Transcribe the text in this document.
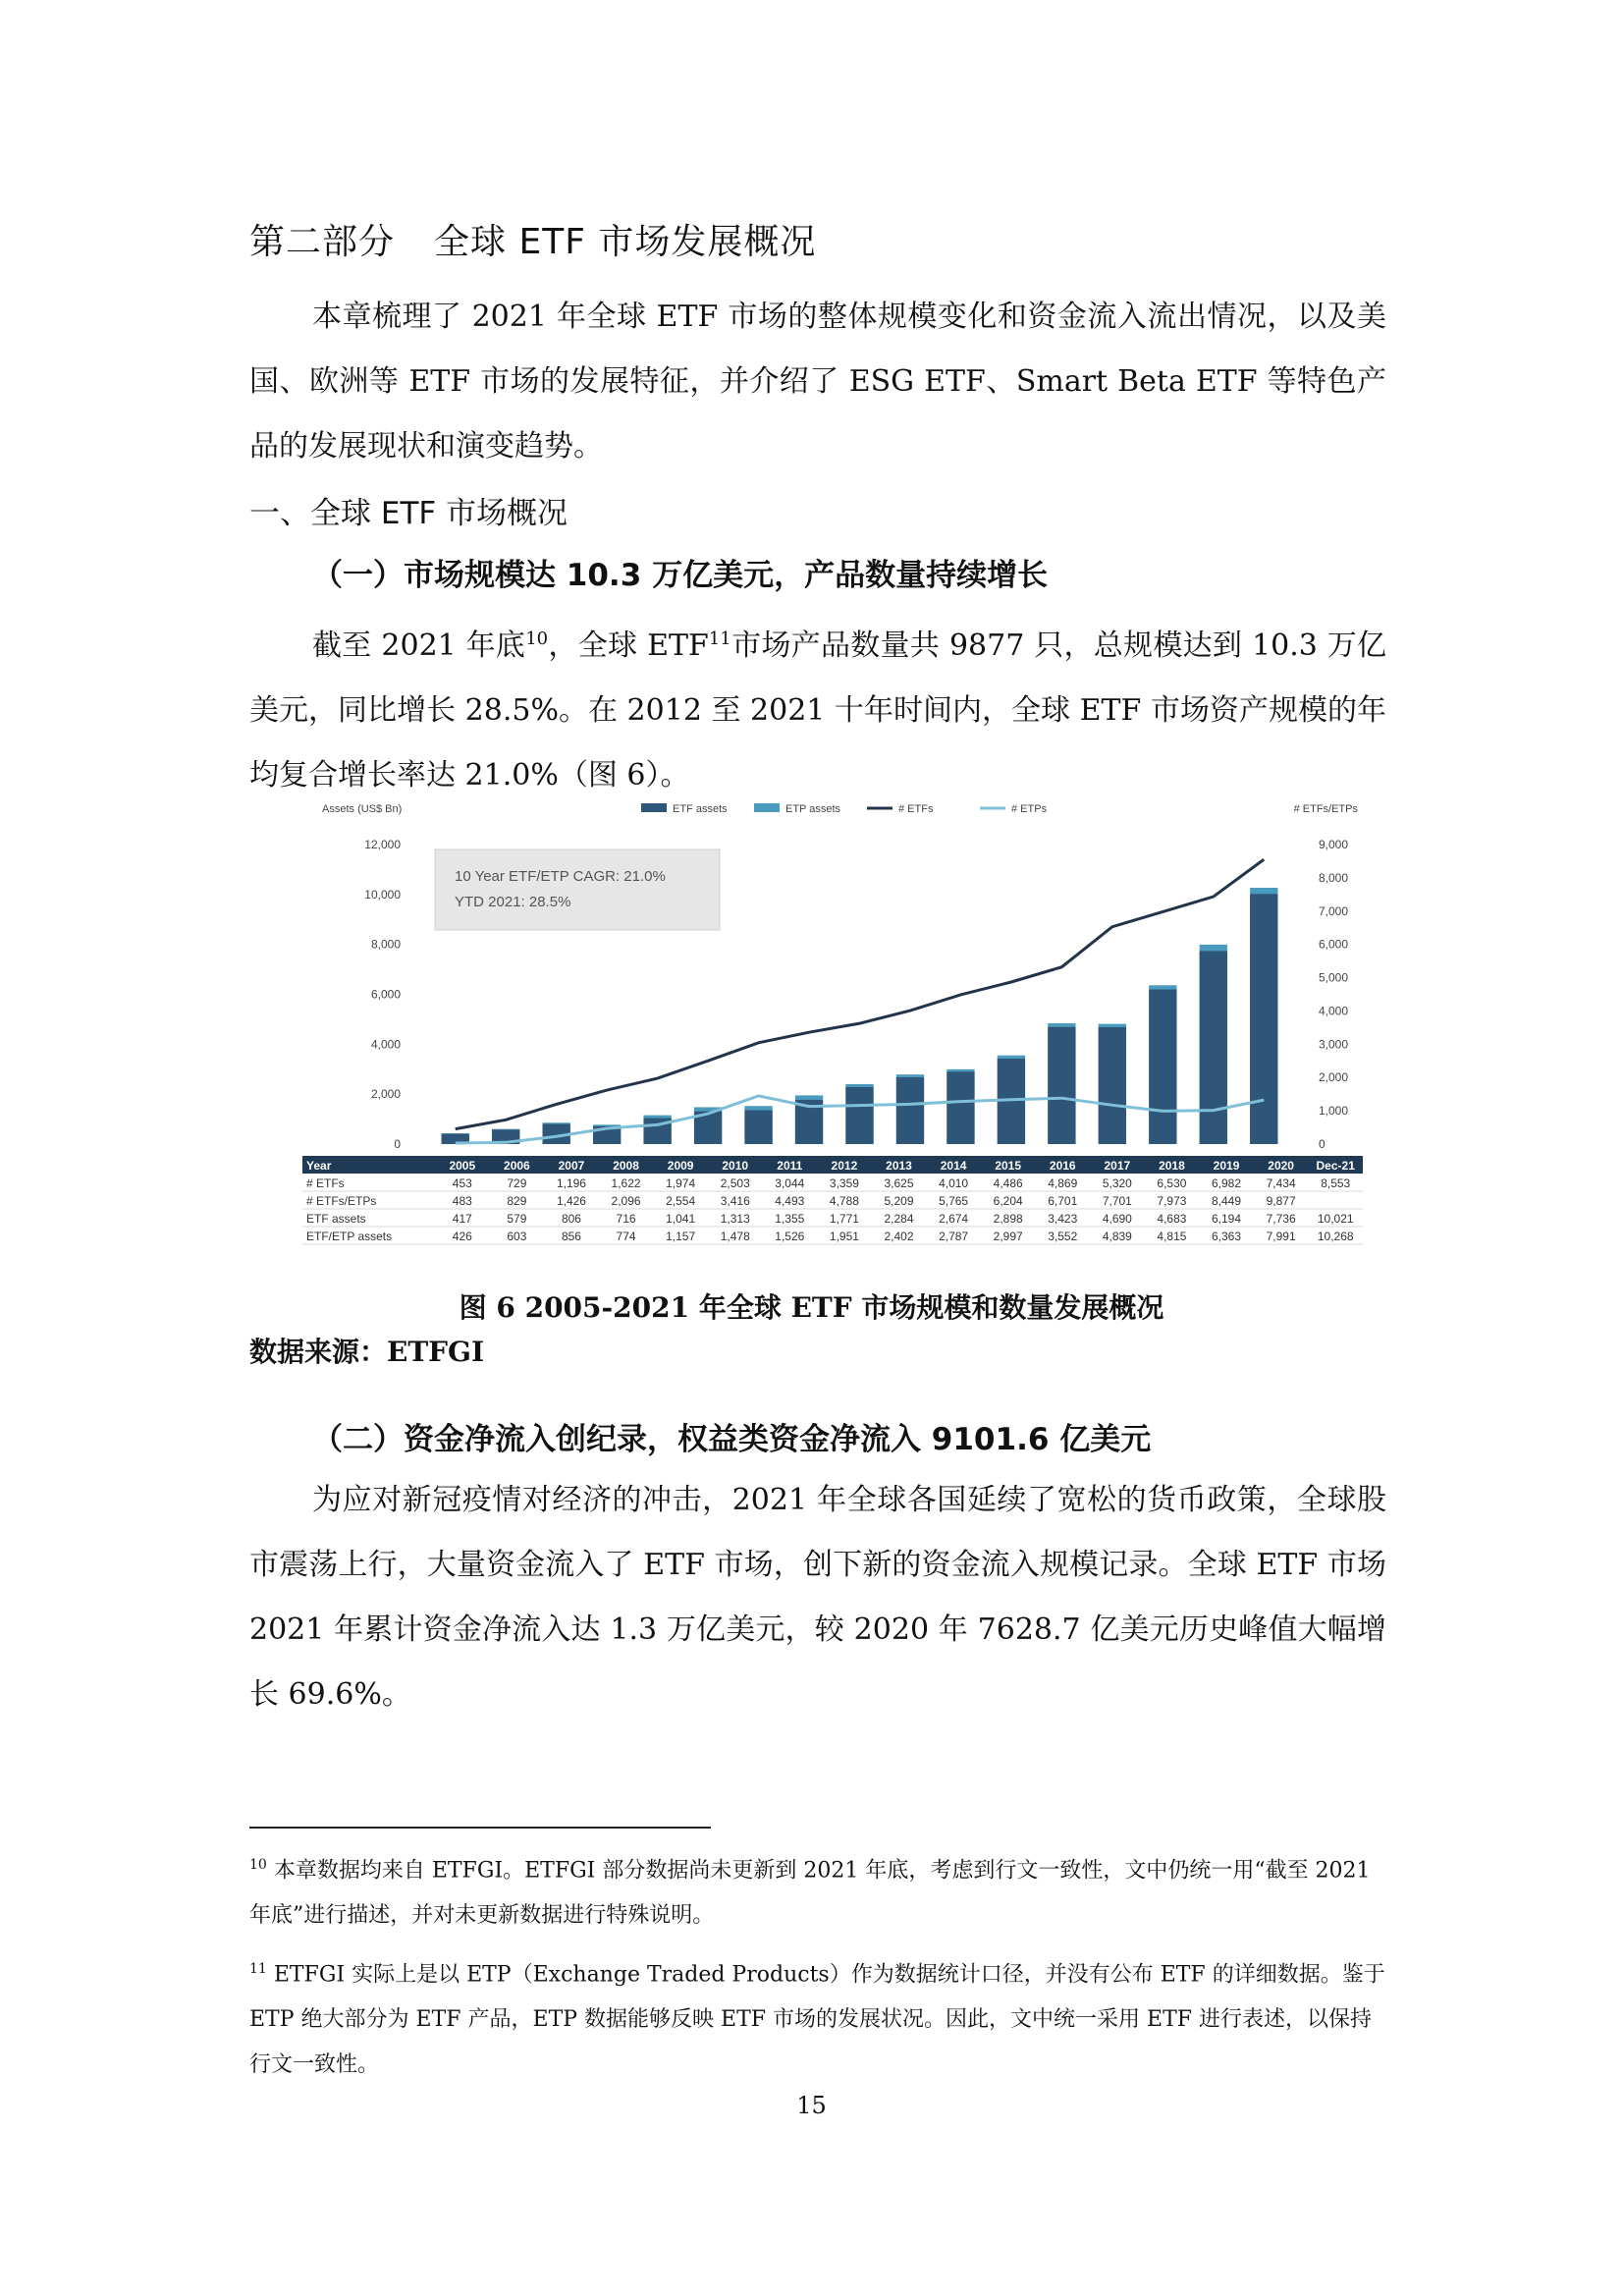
第二部分 全球 ETF 市场发展概况
本章梳理了 2021 年全球 ETF 市场的整体规模变化和资金流入流出情况，以及美国、欧洲等 ETF 市场的发展特征，并介绍了 ESG ETF、Smart Beta ETF 等特色产品的发展现状和演变趋势。
一、全球 ETF 市场概况
（一）市场规模达 10.3 万亿美元，产品数量持续增长
截至 2021 年底$^{10}$，全球 ETF$^{11}$市场产品数量共 9877 只，总规模达到 10.3 万亿美元，同比增长 28.5%。在 2012 至 2021 十年时间内，全球 ETF 市场资产规模的年均复合增长率达 21.0%（图 6）。
Assets (US$ Bn)	# ETFs/ETPs
ETF assets	ETP assets	# ETFs	# ETPs
12,000
10,000
8,000
6,000
4,000
2,000
0
9,000
8,000
7,000
6,000
5,000
4,000
3,000
2,000
1,000
0
10 Year ETF/ETP CAGR: 21.0%
YTD 2021: 28.5%
Year	2005 2006 2007 2008 2009 2010 2011 2012 2013 2014 2015 2016 2017 2018 2019 2020 Dec-21
# ETFs	453	729	1,196 1,622 1,974 2,503 3,044 3,359 3,625 4,010 4,486 4,869 5,320 6,530 6,982 7,434 8,553
# ETFs/ETPs	483	829	1,426 2,096 2,554 3,416 4,493 4,788 5,209 5,765 6,204 6,701 7,701 7,973 8,449 9,877
ETF assets	417	579	806	716	1,041 1,313 1,355 1,771 2,284 2,674 2,898 3,423 4,690 4,683 6,194 7,736 10,021
ETF/ETP assets	426	603	856	774	1,157 1,478 1,526 1,951 2,402 2,787 2,997 3,552 4,839 4,815 6,363 7,991 10,268
图 6 2005-2021 年全球 ETF 市场规模和数量发展概况
数据来源：ETFGI
（二）资金净流入创纪录，权益类资金净流入 9101.6 亿美元
为应对新冠疫情对经济的冲击，2021 年全球各国延续了宽松的货币政策，全球股市震荡上行，大量资金流入了 ETF 市场，创下新的资金流入规模记录。全球 ETF 市场 2021 年累计资金净流入达 1.3 万亿美元，较 2020 年 7628.7 亿美元历史峰值大幅增长 69.6%。
$^{10}$ 本章数据均来自 ETFGI。ETFGI 部分数据尚未更新到 2021 年底，考虑到行文一致性，文中仍统一用“截至 2021 年底”进行描述，并对未更新数据进行特殊说明。
$^{11}$ ETFGI 实际上是以 ETP（Exchange Traded Products）作为数据统计口径，并没有公布 ETF 的详细数据。鉴于 ETP 绝大部分为 ETF 产品，ETP 数据能够反映 ETF 市场的发展状况。因此，文中统一采用 ETF 进行表述，以保持行文一致性。
15
